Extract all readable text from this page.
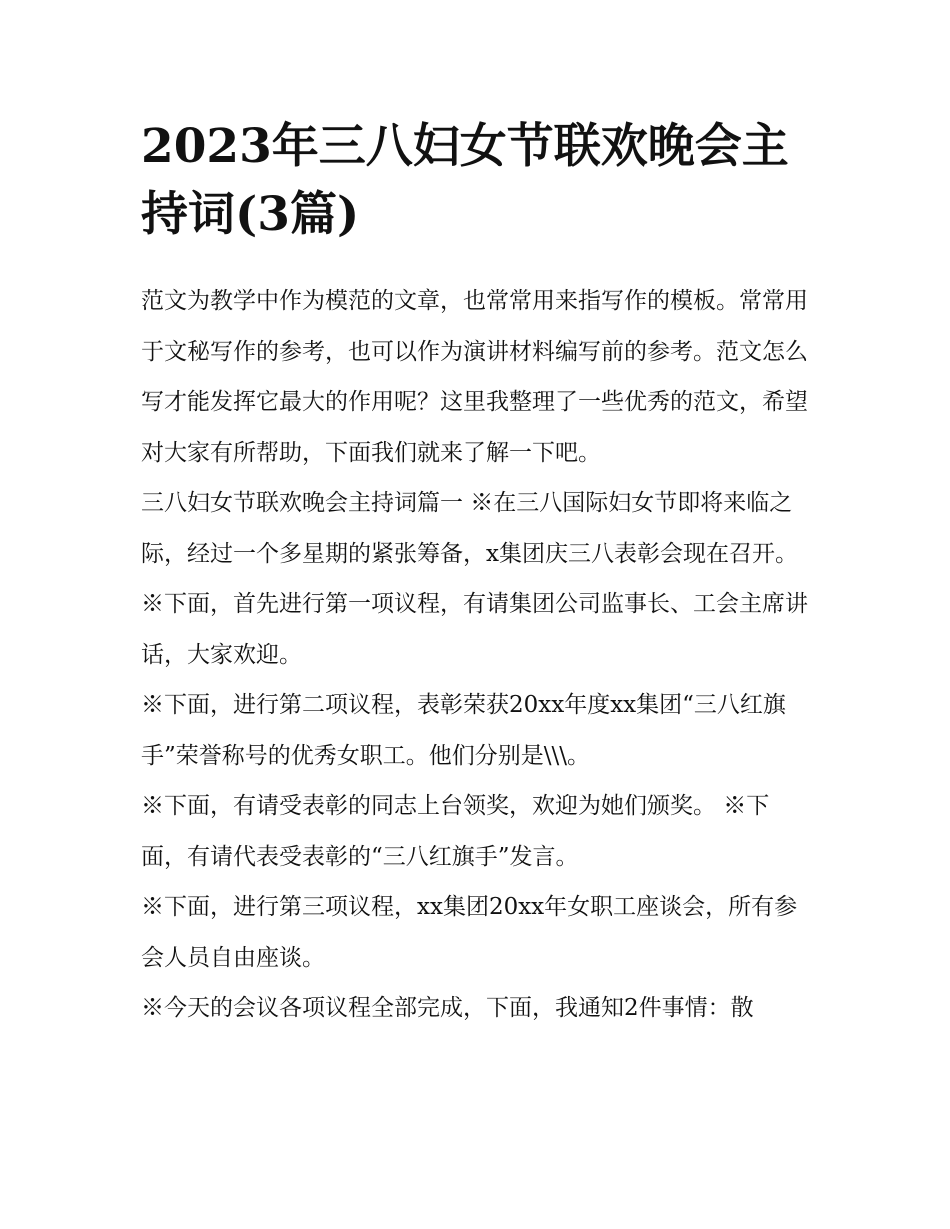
2023年三八妇女节联欢晚会主持词(3篇)

范文为教学中作为模范的文章，也常常用来指写作的模板。常常用于文秘写作的参考，也可以作为演讲材料编写前的参考。范文怎么写才能发挥它最大的作用呢？这里我整理了一些优秀的范文，希望对大家有所帮助，下面我们就来了解一下吧。

三八妇女节联欢晚会主持词篇一 ※在三八国际妇女节即将来临之际，经过一个多星期的紧张筹备，x集团庆三八表彰会现在召开。

※下面，首先进行第一项议程，有请集团公司监事长、工会主席讲话，大家欢迎。

※下面，进行第二项议程，表彰荣获20xx年度xx集团“三八红旗手”荣誉称号的优秀女职工。他们分别是\\\。

※下面，有请受表彰的同志上台领奖，欢迎为她们颁奖。 ※下面，有请代表受表彰的“三八红旗手”发言。

※下面，进行第三项议程，xx集团20xx年女职工座谈会，所有参会人员自由座谈。

※今天的会议各项议程全部完成，下面，我通知2件事情：散
